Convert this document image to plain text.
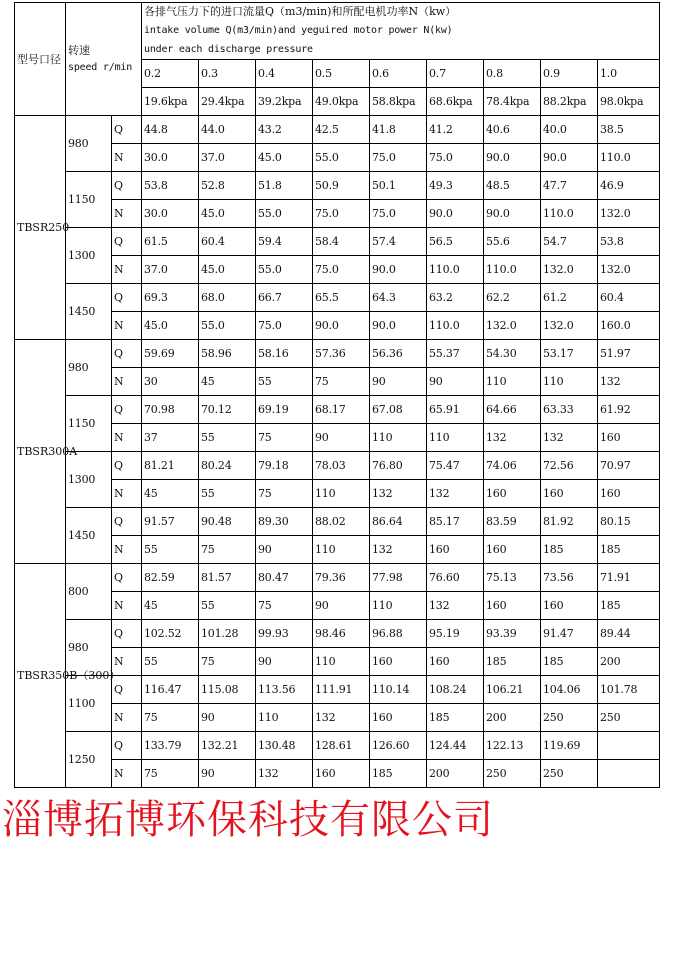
型号口径	转速
speed r/min		各排气压力下的进口流量Q（m3/min)和所配电机功率N（kw）
intake volume Q(m3/min)and yeguired motor power N(kw)
under each discharge pressure								
			0.2	0.3	0.4	0.5	0.6	0.7	0.8	0.9	1.0
			19.6kpa	29.4kpa	39.2kpa	49.0kpa	58.8kpa	68.6kpa	78.4kpa	88.2kpa	98.0kpa
TBSR250	980	Q	44.8	44.0	43.2	42.5	41.8	41.2	40.6	40.0	38.5
		N	30.0	37.0	45.0	55.0	75.0	75.0	90.0	90.0	110.0
	1150	Q	53.8	52.8	51.8	50.9	50.1	49.3	48.5	47.7	46.9
		N	30.0	45.0	55.0	75.0	75.0	90.0	90.0	110.0	132.0
	1300	Q	61.5	60.4	59.4	58.4	57.4	56.5	55.6	54.7	53.8
		N	37.0	45.0	55.0	75.0	90.0	110.0	110.0	132.0	132.0
	1450	Q	69.3	68.0	66.7	65.5	64.3	63.2	62.2	61.2	60.4
		N	45.0	55.0	75.0	90.0	90.0	110.0	132.0	132.0	160.0
TBSR300A	980	Q	59.69	58.96	58.16	57.36	56.36	55.37	54.30	53.17	51.97
		N	30	45	55	75	90	90	110	110	132
	1150	Q	70.98	70.12	69.19	68.17	67.08	65.91	64.66	63.33	61.92
		N	37	55	75	90	110	110	132	132	160
	1300	Q	81.21	80.24	79.18	78.03	76.80	75.47	74.06	72.56	70.97
		N	45	55	75	110	132	132	160	160	160
	1450	Q	91.57	90.48	89.30	88.02	86.64	85.17	83.59	81.92	80.15
		N	55	75	90	110	132	160	160	185	185
TBSR350B（300）	800	Q	82.59	81.57	80.47	79.36	77.98	76.60	75.13	73.56	71.91
		N	45	55	75	90	110	132	160	160	185
	980	Q	102.52	101.28	99.93	98.46	96.88	95.19	93.39	91.47	89.44
		N	55	75	90	110	160	160	185	185	200
	1100	Q	116.47	115.08	113.56	111.91	110.14	108.24	106.21	104.06	101.78
		N	75	90	110	132	160	185	200	250	250
	1250	Q	133.79	132.21	130.48	128.61	126.60	124.44	122.13	119.69	
		N	75	90	132	160	185	200	250	250	
淄博拓博环保科技有限公司
